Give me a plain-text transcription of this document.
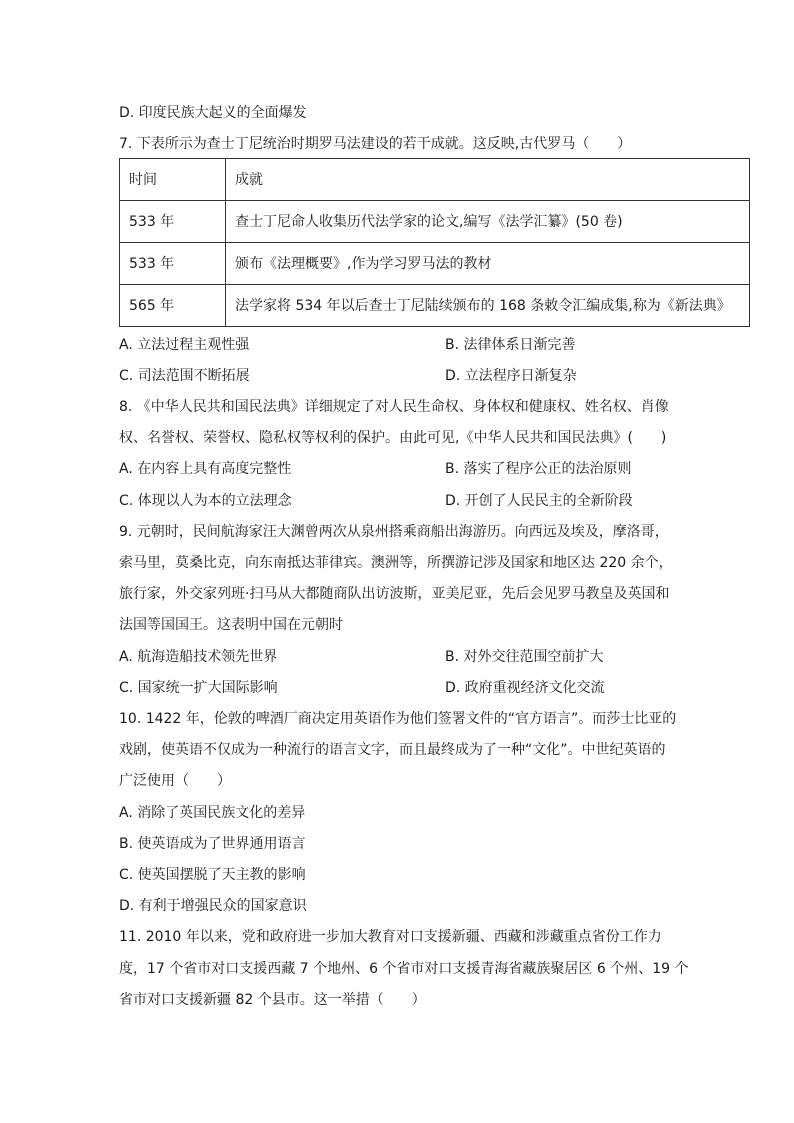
D. 印度民族大起义的全面爆发
7. 下表所示为查士丁尼统治时期罗马法建设的若干成就。这反映,古代罗马（　　）
时间	成就
533 年	查士丁尼命人收集历代法学家的论文,编写《法学汇纂》(50 卷)
533 年	颁布《法理概要》,作为学习罗马法的教材
565 年	法学家将 534 年以后查士丁尼陆续颁布的 168 条敕令汇编成集,称为《新法典》
A. 立法过程主观性强	B. 法律体系日渐完善
C. 司法范围不断拓展	D. 立法程序日渐复杂
8. 《中华人民共和国民法典》详细规定了对人民生命权、身体权和健康权、姓名权、肖像
权、名誉权、荣誉权、隐私权等权利的保护。由此可见,《中华人民共和国民法典》(　　)
A. 在内容上具有高度完整性	B. 落实了程序公正的法治原则
C. 体现以人为本的立法理念	D. 开创了人民民主的全新阶段
9. 元朝时，民间航海家汪大渊曾两次从泉州搭乘商船出海游历。向西远及埃及，摩洛哥，
索马里，莫桑比克，向东南抵达菲律宾。澳洲等，所撰游记涉及国家和地区达 220 余个，
旅行家，外交家列班·扫马从大都随商队出访波斯，亚美尼亚，先后会见罗马教皇及英国和
法国等国国王。这表明中国在元朝时
A. 航海造船技术领先世界	B. 对外交往范围空前扩大
C. 国家统一扩大国际影响	D. 政府重视经济文化交流
10. 1422 年，伦敦的啤酒厂商决定用英语作为他们签署文件的“官方语言”。而莎士比亚的
戏剧，使英语不仅成为一种流行的语言文字，而且最终成为了一种“文化”。中世纪英语的
广泛使用（　　）
A. 消除了英国民族文化的差异
B. 使英语成为了世界通用语言
C. 使英国摆脱了天主教的影响
D. 有利于增强民众的国家意识
11. 2010 年以来，党和政府进一步加大教育对口支援新疆、西藏和涉藏重点省份工作力
度，17 个省市对口支援西藏 7 个地州、6 个省市对口支援青海省藏族聚居区 6 个州、19 个
省市对口支援新疆 82 个县市。这一举措（　　）
